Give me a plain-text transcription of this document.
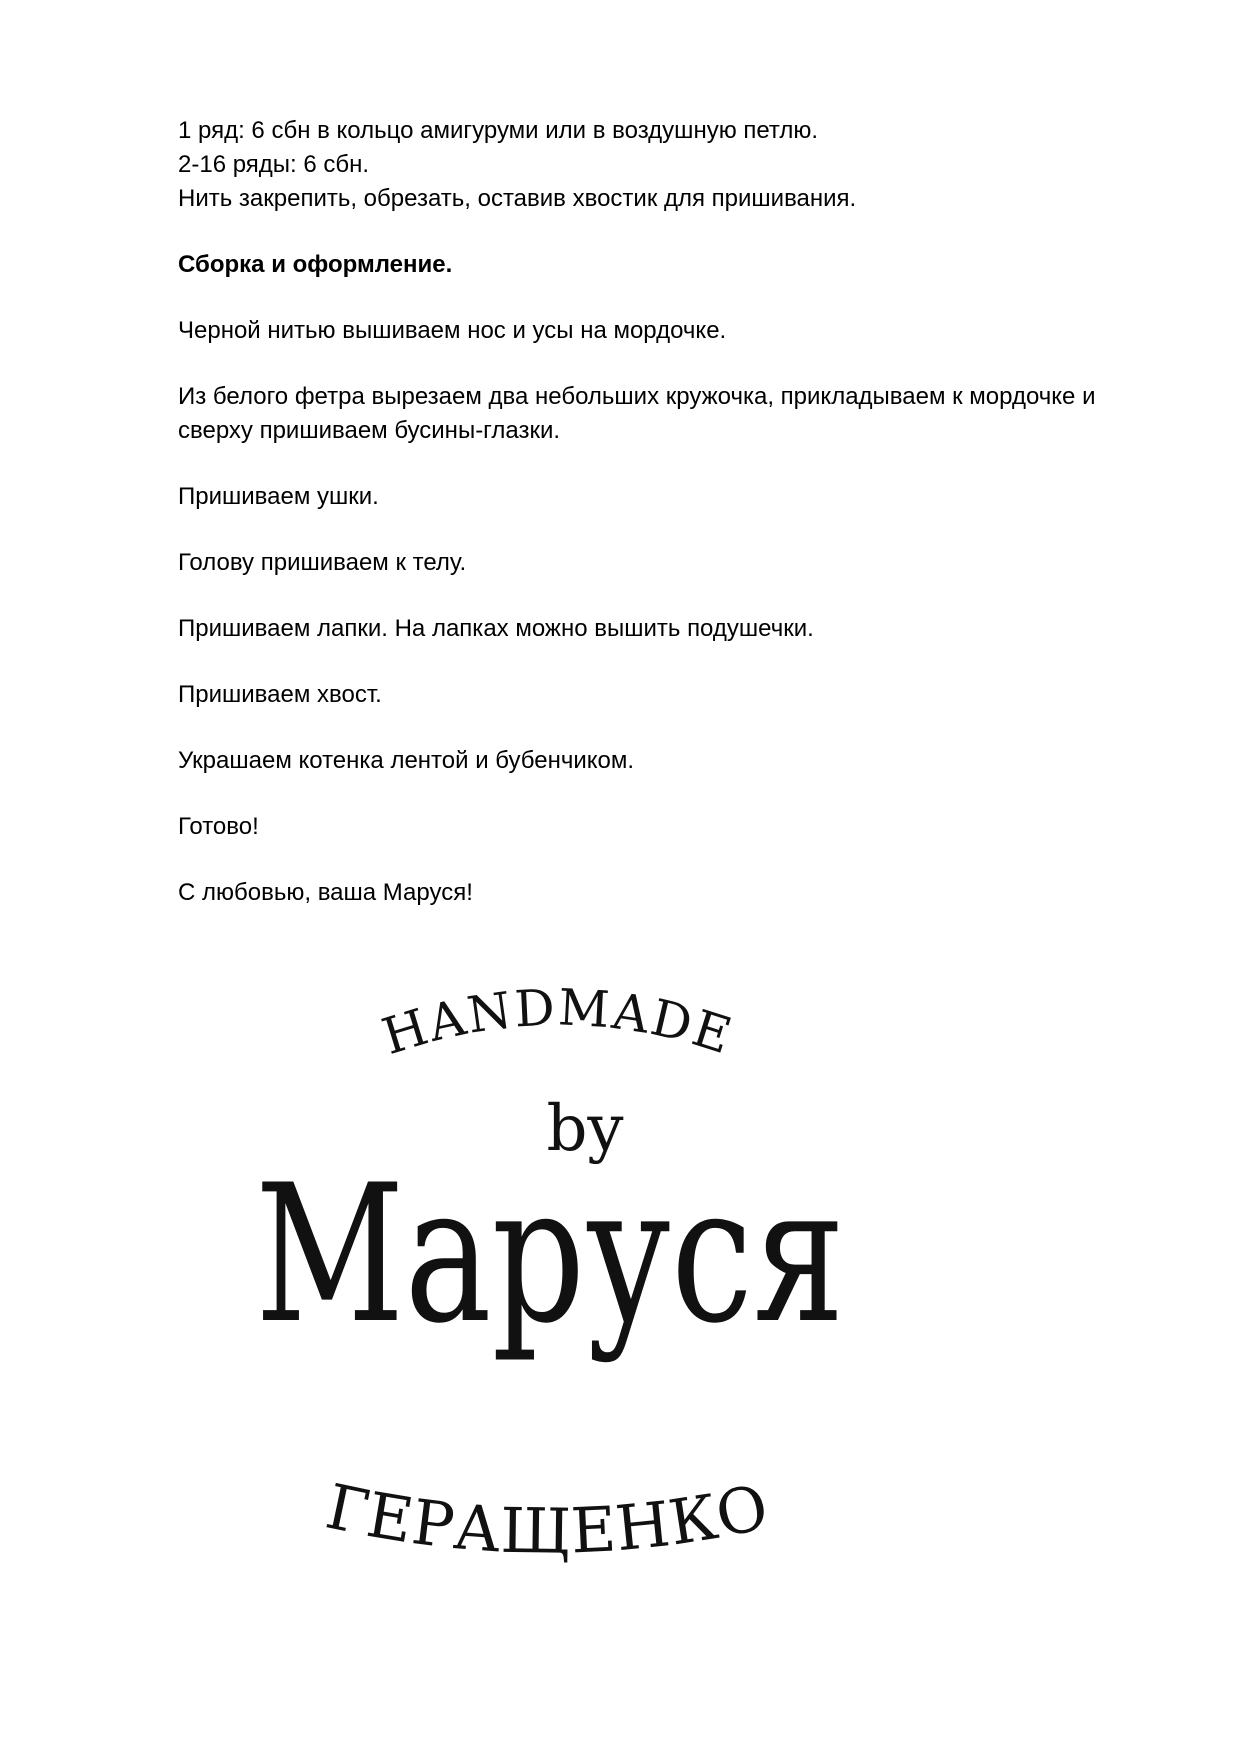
1 ряд: 6 сбн в кольцо амигуруми или в воздушную петлю.

2-16 ряды: 6 сбн.

Нить закрепить, обрезать, оставив хвостик для пришивания.

Сборка и оформление.

Черной нитью вышиваем нос и усы на мордочке.

Из белого фетра вырезаем два небольших кружочка, прикладываем к мордочке и сверху пришиваем бусины-глазки.

Пришиваем ушки.

Голову пришиваем к телу.

Пришиваем лапки. На лапках можно вышить подушечки.

Пришиваем хвост.

Украшаем котенка лентой и бубенчиком.

Готово!

С любовью, ваша Маруся!

HANDMADE
by
Маруся
ГЕРАЩЕНКО
